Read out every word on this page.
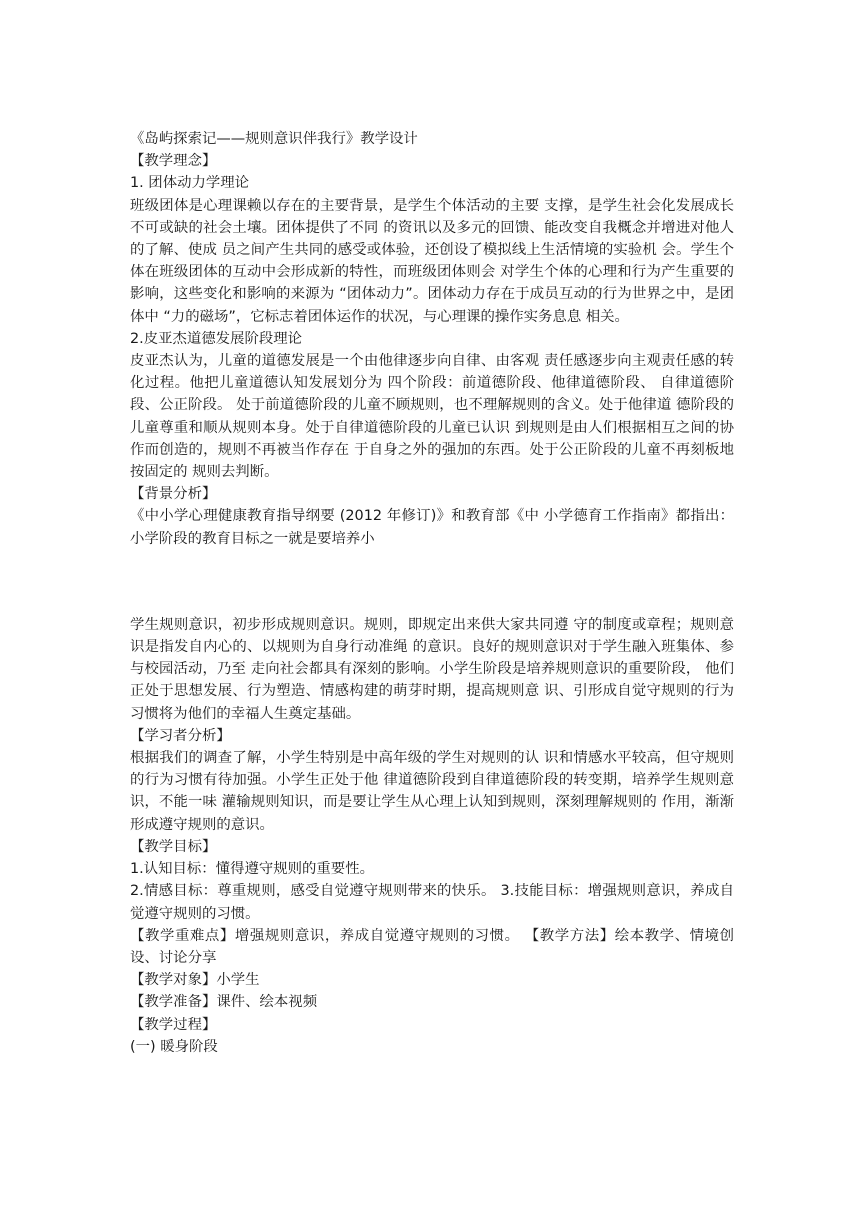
《岛屿探索记——规则意识伴我行》教学设计

【教学理念】

1. 团体动力学理论

班级团体是心理课赖以存在的主要背景，是学生个体活动的主要 支撑，是学生社会化发展成长不可或缺的社会土壤。团体提供了不同 的资讯以及多元的回馈、能改变自我概念并增进对他人的了解、使成 员之间产生共同的感受或体验，还创设了模拟线上生活情境的实验机 会。学生个体在班级团体的互动中会形成新的特性，而班级团体则会 对学生个体的心理和行为产生重要的影响，这些变化和影响的来源为 “团体动力”。团体动力存在于成员互动的行为世界之中，是团体中 “力的磁场”，它标志着团体运作的状况，与心理课的操作实务息息 相关。

2.皮亚杰道德发展阶段理论

皮亚杰认为，儿童的道德发展是一个由他律逐步向自律、由客观 责任感逐步向主观责任感的转化过程。他把儿童道德认知发展划分为 四个阶段：前道德阶段、他律道德阶段、 自律道德阶段、公正阶段。 处于前道德阶段的儿童不顾规则，也不理解规则的含义。处于他律道 德阶段的儿童尊重和顺从规则本身。处于自律道德阶段的儿童已认识 到规则是由人们根据相互之间的协作而创造的，规则不再被当作存在 于自身之外的强加的东西。处于公正阶段的儿童不再刻板地按固定的 规则去判断。

【背景分析】

《中小学心理健康教育指导纲要 (2012 年修订)》和教育部《中 小学德育工作指南》都指出：小学阶段的教育目标之一就是要培养小

学生规则意识，初步形成规则意识。规则，即规定出来供大家共同遵 守的制度或章程；规则意识是指发自内心的、以规则为自身行动准绳 的意识。良好的规则意识对于学生融入班集体、参与校园活动，乃至 走向社会都具有深刻的影响。小学生阶段是培养规则意识的重要阶段， 他们正处于思想发展、行为塑造、情感构建的萌芽时期，提高规则意 识、引形成自觉守规则的行为习惯将为他们的幸福人生奠定基础。

【学习者分析】

根据我们的调查了解，小学生特别是中高年级的学生对规则的认 识和情感水平较高，但守规则的行为习惯有待加强。小学生正处于他 律道德阶段到自律道德阶段的转变期，培养学生规则意识，不能一味 灌输规则知识，而是要让学生从心理上认知到规则，深刻理解规则的 作用，渐渐形成遵守规则的意识。

【教学目标】

1.认知目标：懂得遵守规则的重要性。

2.情感目标：尊重规则，感受自觉遵守规则带来的快乐。 3.技能目标：增强规则意识，养成自觉遵守规则的习惯。

【教学重难点】增强规则意识，养成自觉遵守规则的习惯。 【教学方法】绘本教学、情境创设、讨论分享

【教学对象】小学生

【教学准备】课件、绘本视频

【教学过程】

(一) 暖身阶段
